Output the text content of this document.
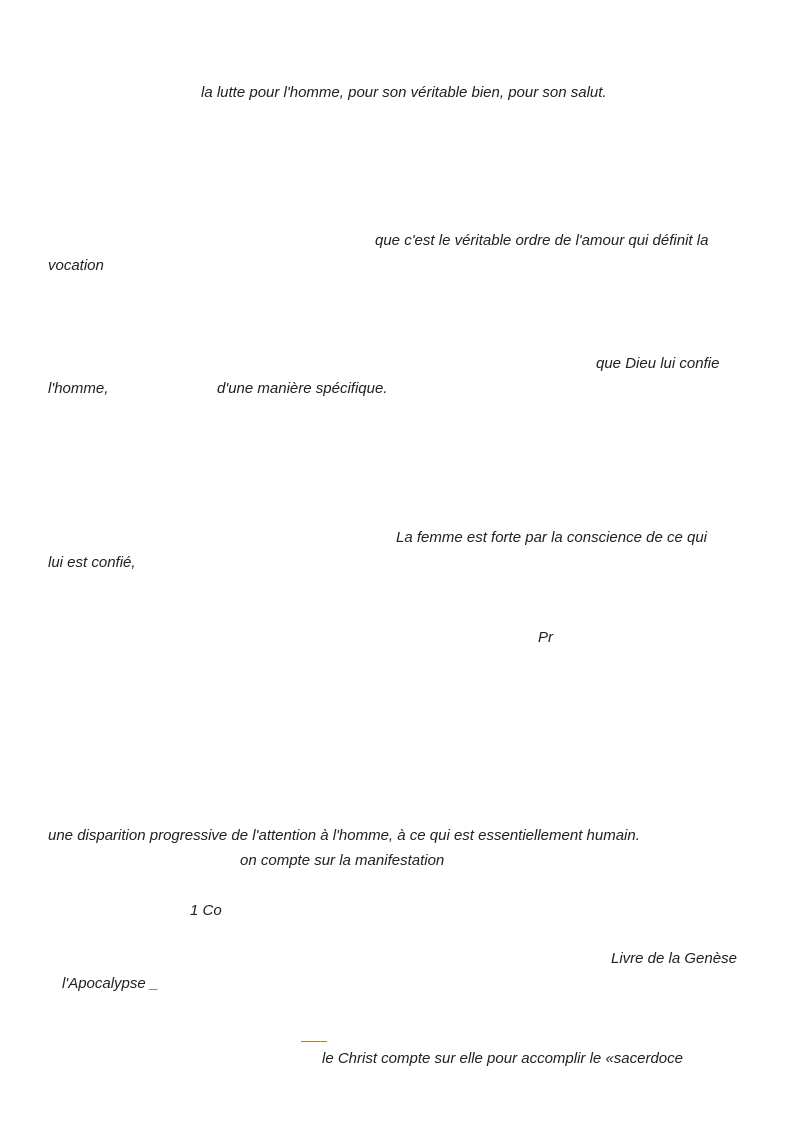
la lutte pour l'homme, pour son véritable bien, pour son salut.
que c'est le véritable ordre de l'amour qui définit la
vocation
que Dieu lui confie
l'homme,	d'une manière spécifique.
La femme est forte par la conscience de ce qui
lui est confié,
Pr
une disparition progressive de l'attention à l'homme, à ce qui est essentiellement humain.
on compte sur la manifestation
1 Co
Livre de la Genèse
l'Apocalypse _
le Christ compte sur elle pour accomplir le «sacerdoce
